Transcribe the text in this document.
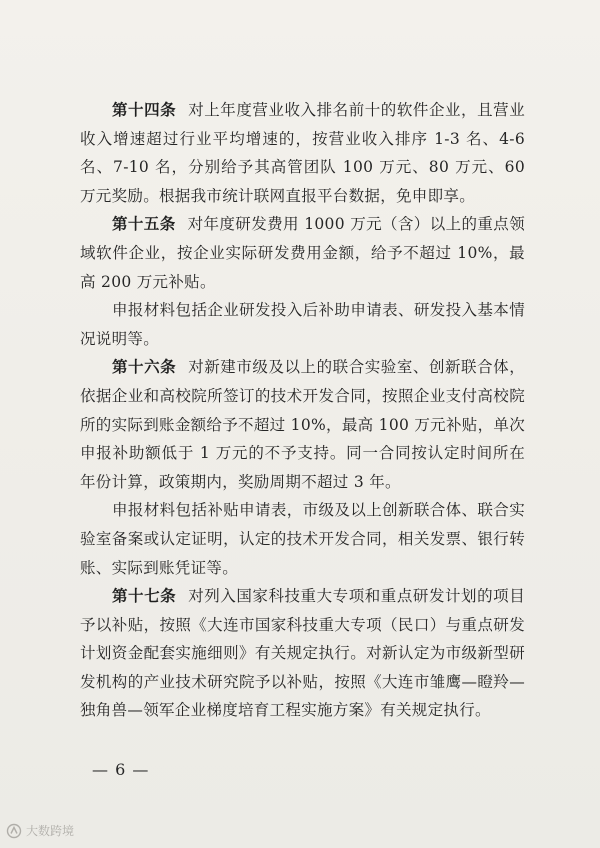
第十四条 对上年度营业收入排名前十的软件企业，且营业收入增速超过行业平均增速的，按营业收入排序 1-3 名、4-6 名、7-10 名，分别给予其高管团队 100 万元、80 万元、60 万元奖励。根据我市统计联网直报平台数据，免申即享。

第十五条 对年度研发费用 1000 万元（含）以上的重点领域软件企业，按企业实际研发费用金额，给予不超过 10%，最高 200 万元补贴。

申报材料包括企业研发投入后补助申请表、研发投入基本情况说明等。

第十六条 对新建市级及以上的联合实验室、创新联合体，依据企业和高校院所签订的技术开发合同，按照企业支付高校院所的实际到账金额给予不超过 10%，最高 100 万元补贴，单次申报补助额低于 1 万元的不予支持。同一合同按认定时间所在年份计算，政策期内，奖励周期不超过 3 年。

申报材料包括补贴申请表，市级及以上创新联合体、联合实验室备案或认定证明，认定的技术开发合同，相关发票、银行转账、实际到账凭证等。

第十七条 对列入国家科技重大专项和重点研发计划的项目予以补贴，按照《大连市国家科技重大专项（民口）与重点研发计划资金配套实施细则》有关规定执行。对新认定为市级新型研发机构的产业技术研究院予以补贴，按照《大连市雏鹰—瞪羚—独角兽—领军企业梯度培育工程实施方案》有关规定执行。

— 6 —
大数跨境
